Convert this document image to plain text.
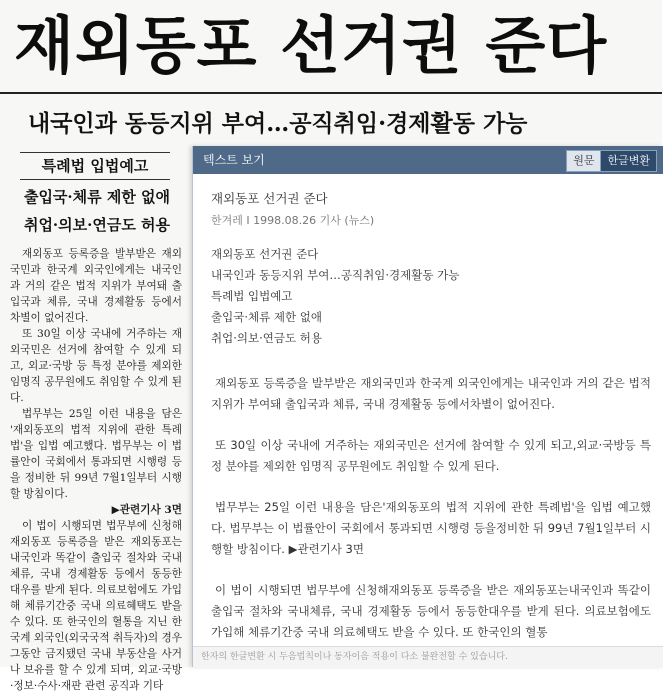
재외동포 선거권 준다
내국인과 동등지위 부여…공직취임·경제활동 가능
특례법 입법예고
출입국·체류 제한 없애
취업·의보·연금도 허용

재외동포 등록증을 발부받은 재외국민과 한국계 외국인에게는 내국인과 거의 같은 법적 지위가 부여돼 출입국과 체류, 국내 경제활동 등에서 차별이 없어진다.

또 30일 이상 국내에 거주하는 재외국민은 선거에 참여할 수 있게 되고, 외교·국방 등 특정 분야를 제외한 임명직 공무원에도 취임할 수 있게 된다.

법무부는 25일 이런 내용을 담은 '재외동포의 법적 지위에 관한 특례법'을 입법 예고했다. 법무부는 이 법률안이 국회에서 통과되면 시행령 등을 정비한 뒤 99년 7월1일부터 시행할 방침이다.

▶관련기사 3면

이 법이 시행되면 법무부에 신청해 재외동포 등록증을 받은 재외동포는 내국인과 똑같이 출입국 절차와 국내 체류, 국내 경제활동 등에서 동등한 대우를 받게 된다. 의료보험에도 가입해 체류기간중 국내 의료혜택도 받을 수 있다. 또 한국인의 혈통을 지닌 한국계 외국인(외국국적 취득자)의 경우 그동안 금지됐던 국내 부동산을 사거나 보유를 할 수 있게 되며, 외교·국방·정보·수사·재판 관련 공직과 기타

텍스트 보기	원문	한글변환
재외동포 선거권 준다
한겨레 I 1998.08.26 기사 (뉴스)
재외동포 선거권 준다
내국인과 동등지위 부여…공직취임·경제활동 가능
특례법 입법예고
출입국·체류 제한 없애
취업·의보·연금도 허용
재외동포 등록증을 발부받은 재외국민과 한국계 외국인에게는 내국인과 거의 같은 법적 지위가 부여돼 출입국과 체류, 국내 경제활동 등에서차별이 없어진다.
또 30일 이상 국내에 거주하는 재외국민은 선거에 참여할 수 있게 되고,외교·국방등 특정 분야를 제외한 임명직 공무원에도 취임할 수 있게 된다.
법무부는 25일 이런 내용을 담은'재외동포의 법적 지위에 관한 특례법'을 입법 예고했다. 법무부는 이 법률안이 국회에서 통과되면 시행령 등을정비한 뒤 99년 7월1일부터 시행할 방침이다. ▶관련기사 3면
이 법이 시행되면 법무부에 신청해재외동포 등록증을 받은 재외동포는내국인과 똑같이 출입국 절차와 국내체류, 국내 경제활동 등에서 동등한대우를 받게 된다. 의료보험에도 가입해 체류기간중 국내 의료혜택도 받을 수 있다. 또 한국인의 혈통
한자의 한글변환 시 두음법칙이나 동자이음 적용이 다소 불완전할 수 있습니다.
